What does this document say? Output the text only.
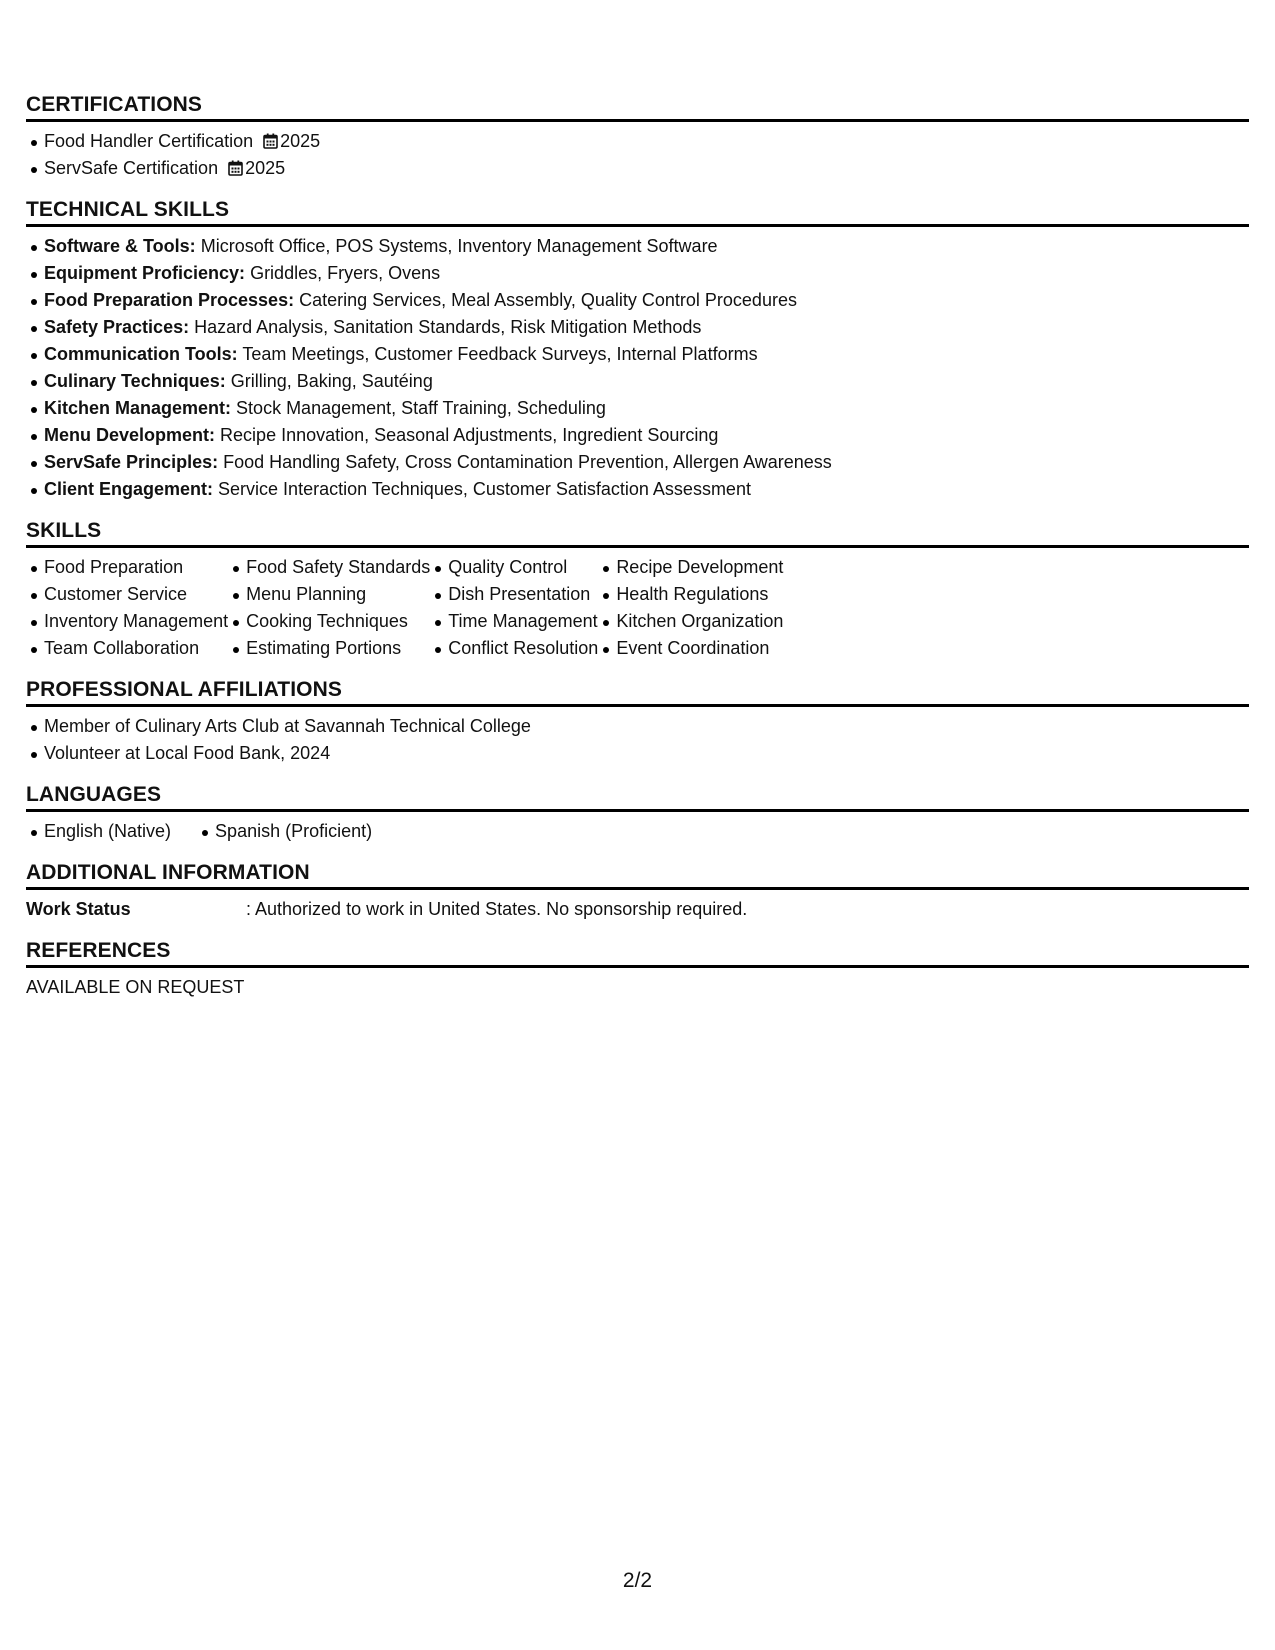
CERTIFICATIONS
Food Handler Certification 2025
ServSafe Certification 2025
TECHNICAL SKILLS
Software & Tools: Microsoft Office, POS Systems, Inventory Management Software
Equipment Proficiency: Griddles, Fryers, Ovens
Food Preparation Processes: Catering Services, Meal Assembly, Quality Control Procedures
Safety Practices: Hazard Analysis, Sanitation Standards, Risk Mitigation Methods
Communication Tools: Team Meetings, Customer Feedback Surveys, Internal Platforms
Culinary Techniques: Grilling, Baking, Sautéing
Kitchen Management: Stock Management, Staff Training, Scheduling
Menu Development: Recipe Innovation, Seasonal Adjustments, Ingredient Sourcing
ServSafe Principles: Food Handling Safety, Cross Contamination Prevention, Allergen Awareness
Client Engagement: Service Interaction Techniques, Customer Satisfaction Assessment
SKILLS
Food Preparation
Customer Service
Inventory Management
Team Collaboration
Food Safety Standards
Menu Planning
Cooking Techniques
Estimating Portions
Quality Control
Dish Presentation
Time Management
Conflict Resolution
Recipe Development
Health Regulations
Kitchen Organization
Event Coordination
PROFESSIONAL AFFILIATIONS
Member of Culinary Arts Club at Savannah Technical College
Volunteer at Local Food Bank, 2024
LANGUAGES
English (Native)	Spanish (Proficient)
ADDITIONAL INFORMATION
Work Status	: Authorized to work in United States. No sponsorship required.
REFERENCES
AVAILABLE ON REQUEST
2/2
